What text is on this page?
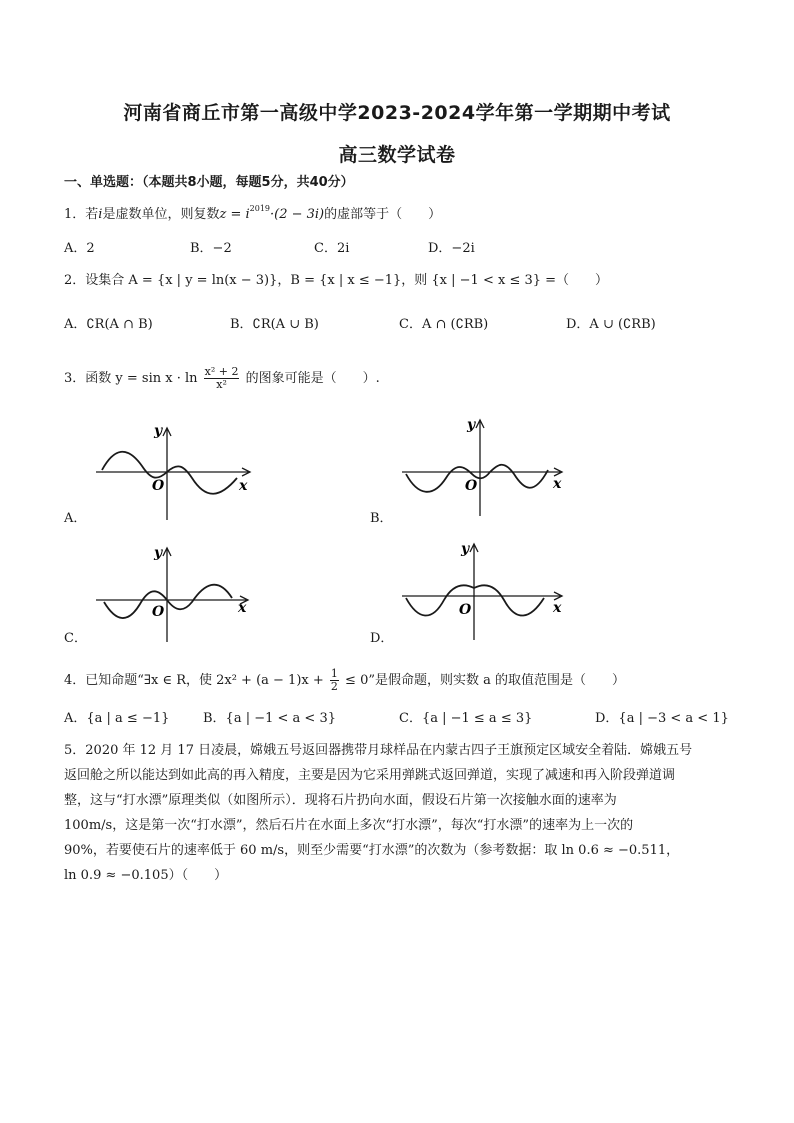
河南省商丘市第一高级中学2023-2024学年第一学期期中考试
高三数学试卷
一、单选题：（本题共8小题，每题5分，共40分）
1．若i是虚数单位，则复数$z = i^{2019}\cdot(2 - 3i)$的虚部等于（　　）
A．2	B．−2	C．2i	D．−2i
2．设集合 A = {x | y = ln(x − 3)}，B = {x | x ≤ −1}，则 {x | −1 < x ≤ 3} =（　　）
A．∁R(A ∩ B)	B．∁R(A ∪ B)	C．A ∩ (∁RB)	D．A ∪ (∁RB)
3．函数 $y = \sin x \cdot \ln \frac{\text{x² + 2}}{\text{x²}}$ 的图象可能是（　　）.
y
x
O
A．
y
x
O
B．
y
x
O
C．
y
x
O
D．
4．已知命题“∃x ∈ R，使 $2x^2 + (a - 1)x + \frac{1}{2} \le 0$”是假命题，则实数 a 的取值范围是（　　）
A．{a | a ≤ −1}	B．{a | −1 < a < 3}	C．{a | −1 ≤ a ≤ 3}	D．{a | −3 < a < 1}
5．2020 年 12 月 17 日凌晨，嫦娥五号返回器携带月球样品在内蒙古四子王旗预定区域安全着陆．嫦娥五号
返回舱之所以能达到如此高的再入精度，主要是因为它采用弹跳式返回弹道，实现了减速和再入阶段弹道调
整，这与“打水漂”原理类似（如图所示）．现将石片扔向水面，假设石片第一次接触水面的速率为
100m/s，这是第一次“打水漂”，然后石片在水面上多次“打水漂”，每次“打水漂”的速率为上一次的
90%，若要使石片的速率低于 60 m/s，则至少需要“打水漂”的次数为（参考数据：取 ln 0.6 ≈ −0.511，
ln 0.9 ≈ −0.105）（　　）
